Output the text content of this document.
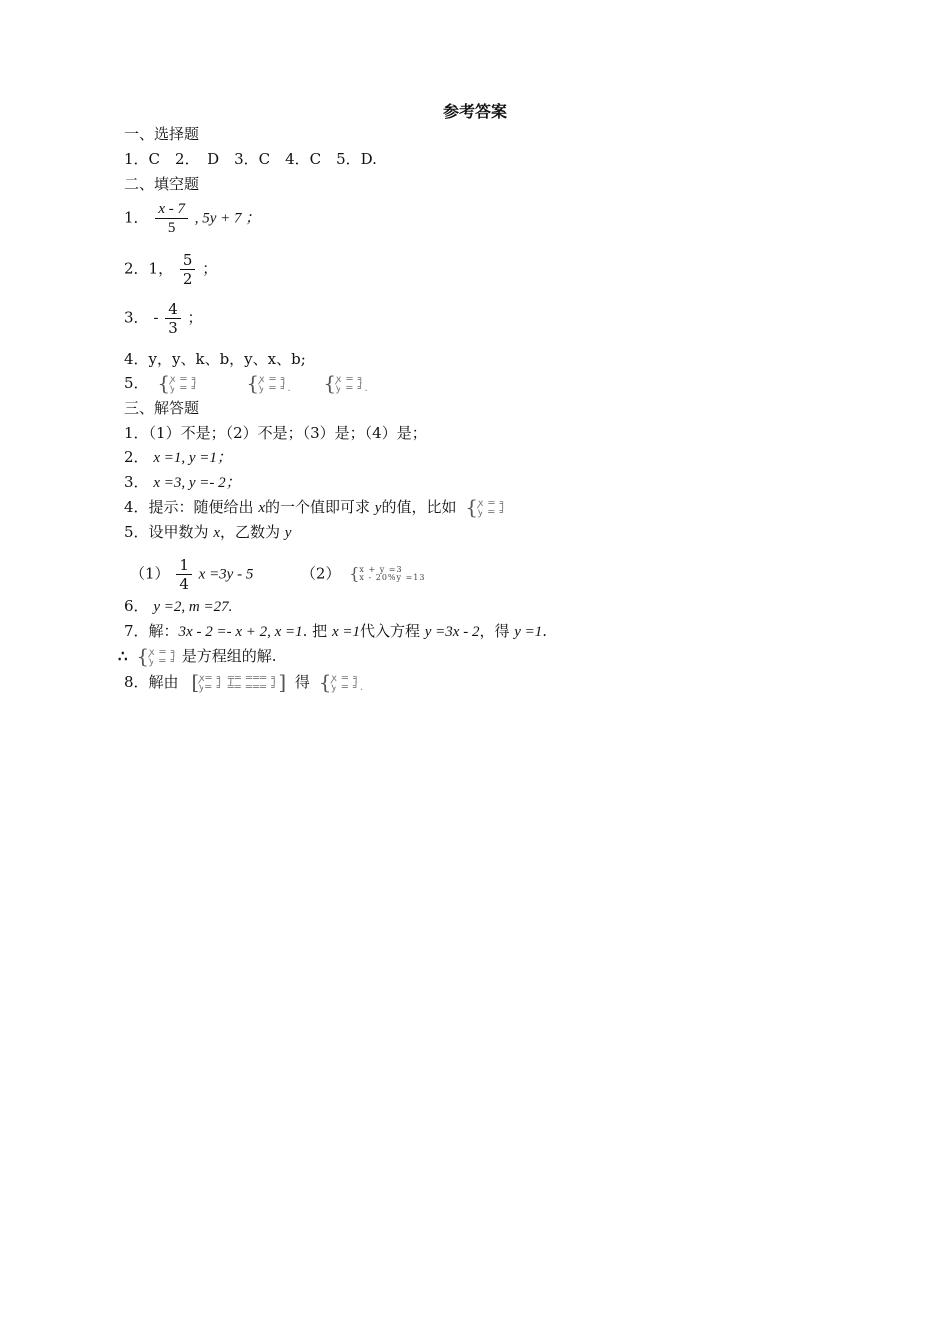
参考答案
一、选择题
1．C　2．　D　3．C　4．C　5．D.
二、填空题
1． $\frac{x - 7}{5}$ , 5y + 7 ；
2．1， $\frac{5}{2}$ ；
3． - $\frac{4}{3}$ ；
4．y，y、k、b，y、x、b;
5． { ꭗ ═ ╕
ꭚ ═ ╛ { ꭗ ═ ╕
ꭚ ═ ╛. { ꭗ ═ ╕
ꭚ ═ ╛.
三、解答题
1．（1）不是；（2）不是；（3）是；（4）是；
2． x =1, y =1；
3． x =3, y =- 2；
4．提示：随便给出 x的一个值即可求 y的值，比如 { ꭗ ═ ╕
ꭚ ═ ╛
5．设甲数为 x，乙数为 y
$(1) \frac{1}{4}$ x =3y - 5	（2） { x + y =3
x - 20%y =13
6． y =2, m =27.
7．解：3x - 2 =- x + 2, x =1. 把 x =1代入方程 y =3x - 2，得 y =1.
∴ { ꭗ ═ ╕
ꭚ ═ ╛ 是方程组的解.
8．解由 [ ꭗ═ ╕ ╤═ ═══ ╕
ꭚ═ ╛ ╧═ ═══ ╛ ] 得 { ꭗ ═ ╕
ꭚ ═ ╛.
